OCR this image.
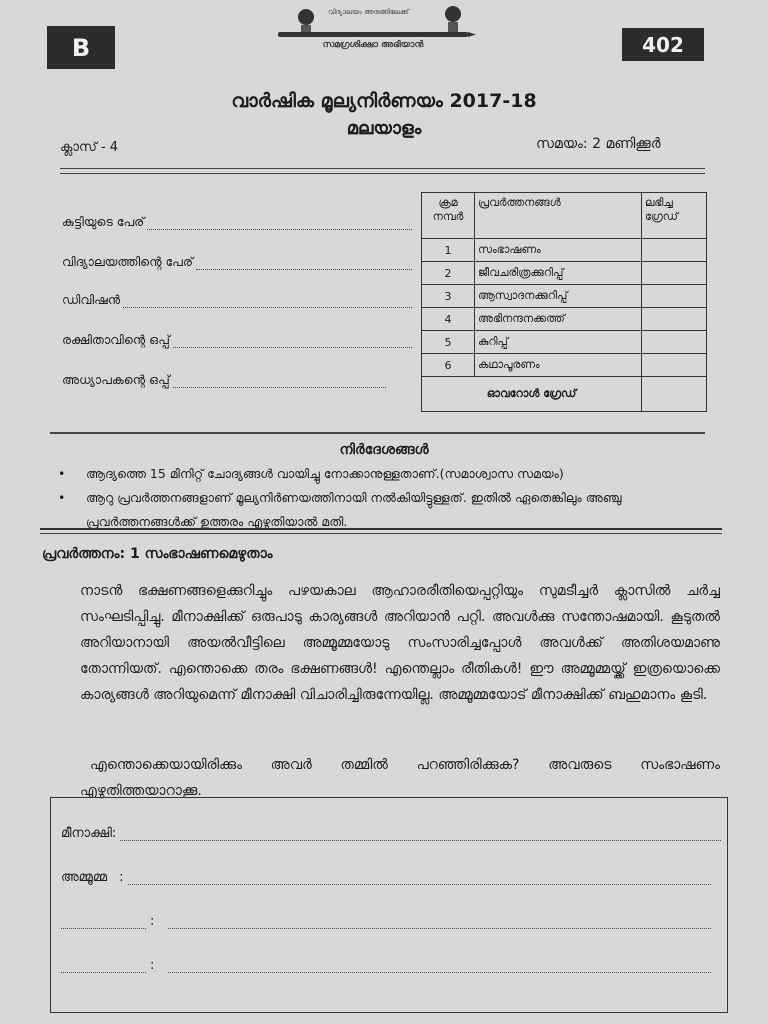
B	402
വിദ്യാലയം അരങ്ങിലേക്ക്
സമഗ്രശിക്ഷാ അഭിയാൻ
വാർഷിക മൂല്യനിർണയം 2017-18
മലയാളം
ക്ലാസ് - 4	സമയം: 2 മണിക്കൂർ
കുട്ടിയുടെ പേര്
വിദ്യാലയത്തിന്റെ പേര്
ഡിവിഷൻ
രക്ഷിതാവിന്റെ ഒപ്പ്
അധ്യാപകന്റെ ഒപ്പ്
ക്രമ നമ്പർ	പ്രവർത്തനങ്ങൾ	ലഭിച്ച ഗ്രേഡ്
1	സംഭാഷണം	
2	ജീവചരിത്രക്കുറിപ്പ്	
3	ആസ്വാദനക്കുറിപ്പ്	
4	അഭിനന്ദനക്കത്ത്	
5	കുറിപ്പ്	
6	കഥാപൂരണം	
ഓവറോൾ ഗ്രേഡ്		
നിർദേശങ്ങൾ
• ആദ്യത്തെ 15 മിനിറ്റ് ചോദ്യങ്ങൾ വായിച്ചു നോക്കാനുള്ളതാണ്.(സമാശ്വാസ സമയം)
• ആറു പ്രവർത്തനങ്ങളാണ് മൂല്യനിർണയത്തിനായി നൽകിയിട്ടുള്ളത്. ഇതിൽ ഏതെങ്കിലും അഞ്ചു പ്രവർത്തനങ്ങൾക്ക് ഉത്തരം എഴുതിയാൽ മതി.
പ്രവർത്തനം: 1 സംഭാഷണമെഴുതാം
നാടൻ ഭക്ഷണങ്ങളെക്കുറിച്ചും പഴയകാല ആഹാരരീതിയെപ്പറ്റിയും സുമടീച്ചർ ക്ലാസിൽ ചർച്ച സംഘടിപ്പിച്ചു. മീനാക്ഷിക്ക് ഒരുപാടു കാര്യങ്ങൾ അറിയാൻ പറ്റി. അവൾക്കു സന്തോഷമായി. കൂടുതൽ അറിയാനായി അയൽവീട്ടിലെ അമ്മൂമ്മയോടു സംസാരിച്ചപ്പോൾ അവൾക്ക് അതിശയമാണു തോന്നിയത്. എന്തൊക്കെ തരം ഭക്ഷണങ്ങൾ! എന്തെല്ലാം രീതികൾ! ഈ അമ്മൂമ്മയ്ക്ക് ഇത്രയൊക്കെ കാര്യങ്ങൾ അറിയുമെന്ന് മീനാക്ഷി വിചാരിച്ചിരുന്നേയില്ല. അമ്മൂമ്മയോട് മീനാക്ഷിക്ക് ബഹുമാനം കൂടി.
എന്തൊക്കെയായിരിക്കും അവർ തമ്മിൽ പറഞ്ഞിരിക്കുക? അവരുടെ സംഭാഷണം എഴുതിത്തയാറാക്കൂ.
മീനാക്ഷി :
അമ്മൂമ്മ :
:
:
